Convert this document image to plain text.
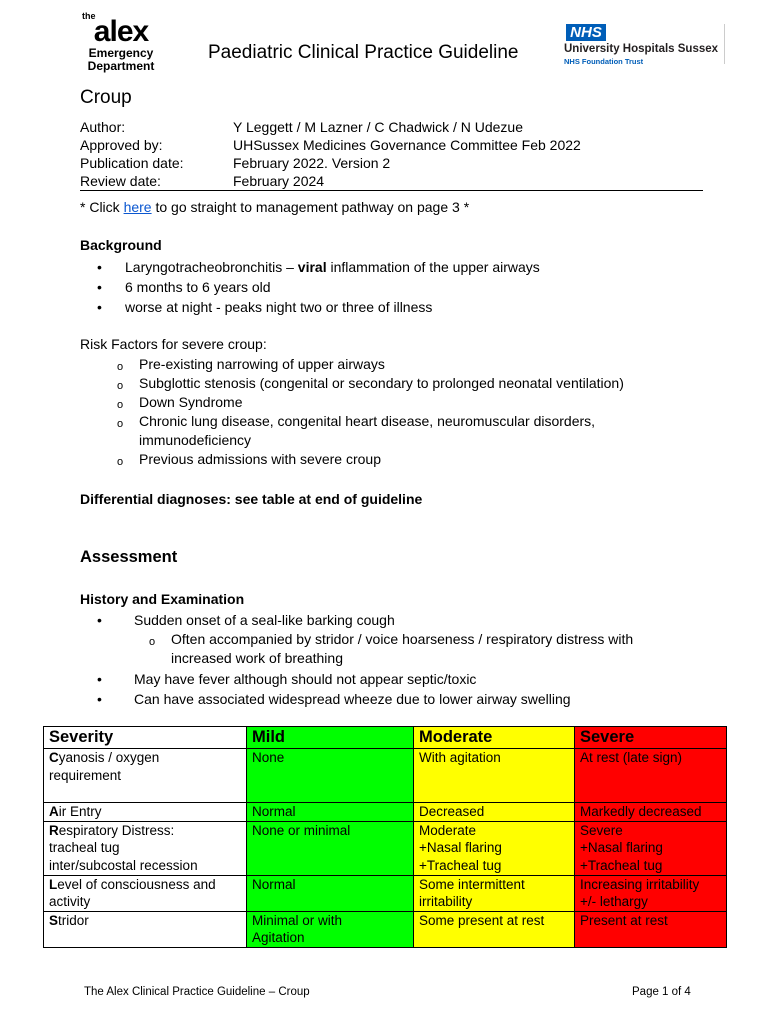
the
alex
Emergency
Department
Paediatric Clinical Practice Guideline
NHS
University Hospitals Sussex
NHS Foundation Trust
Croup
Author:	Y Leggett / M Lazner / C Chadwick / N Udezue
Approved by:	UHSussex Medicines Governance Committee Feb 2022
Publication date:	February 2022. Version 2
Review date:	February 2024
* Click here to go straight to management pathway on page 3 *
Background
• Laryngotracheobronchitis – viral inflammation of the upper airways
• 6 months to 6 years old
• worse at night - peaks night two or three of illness
Risk Factors for severe croup:
o Pre-existing narrowing of upper airways
o Subglottic stenosis (congenital or secondary to prolonged neonatal ventilation)
o Down Syndrome
o Chronic lung disease, congenital heart disease, neuromuscular disorders, immunodeficiency
o Previous admissions with severe croup
Differential diagnoses: see table at end of guideline
Assessment
History and Examination
• Sudden onset of a seal-like barking cough
o Often accompanied by stridor / voice hoarseness / respiratory distress with increased work of breathing
• May have fever although should not appear septic/toxic
• Can have associated widespread wheeze due to lower airway swelling
Severity	Mild	Moderate	Severe
Cyanosis / oxygen
requirement	None	With agitation	At rest (late sign)
Air Entry	Normal	Decreased	Markedly decreased
Respiratory Distress:
tracheal tug
inter/subcostal recession	None or minimal	Moderate
+Nasal flaring
+Tracheal tug	Severe
+Nasal flaring
+Tracheal tug
Level of consciousness and
activity	Normal	Some intermittent
irritability	Increasing irritability
+/- lethargy
Stridor	Minimal or with
Agitation	Some present at rest	Present at rest
The Alex Clinical Practice Guideline – Croup	Page 1 of 4
